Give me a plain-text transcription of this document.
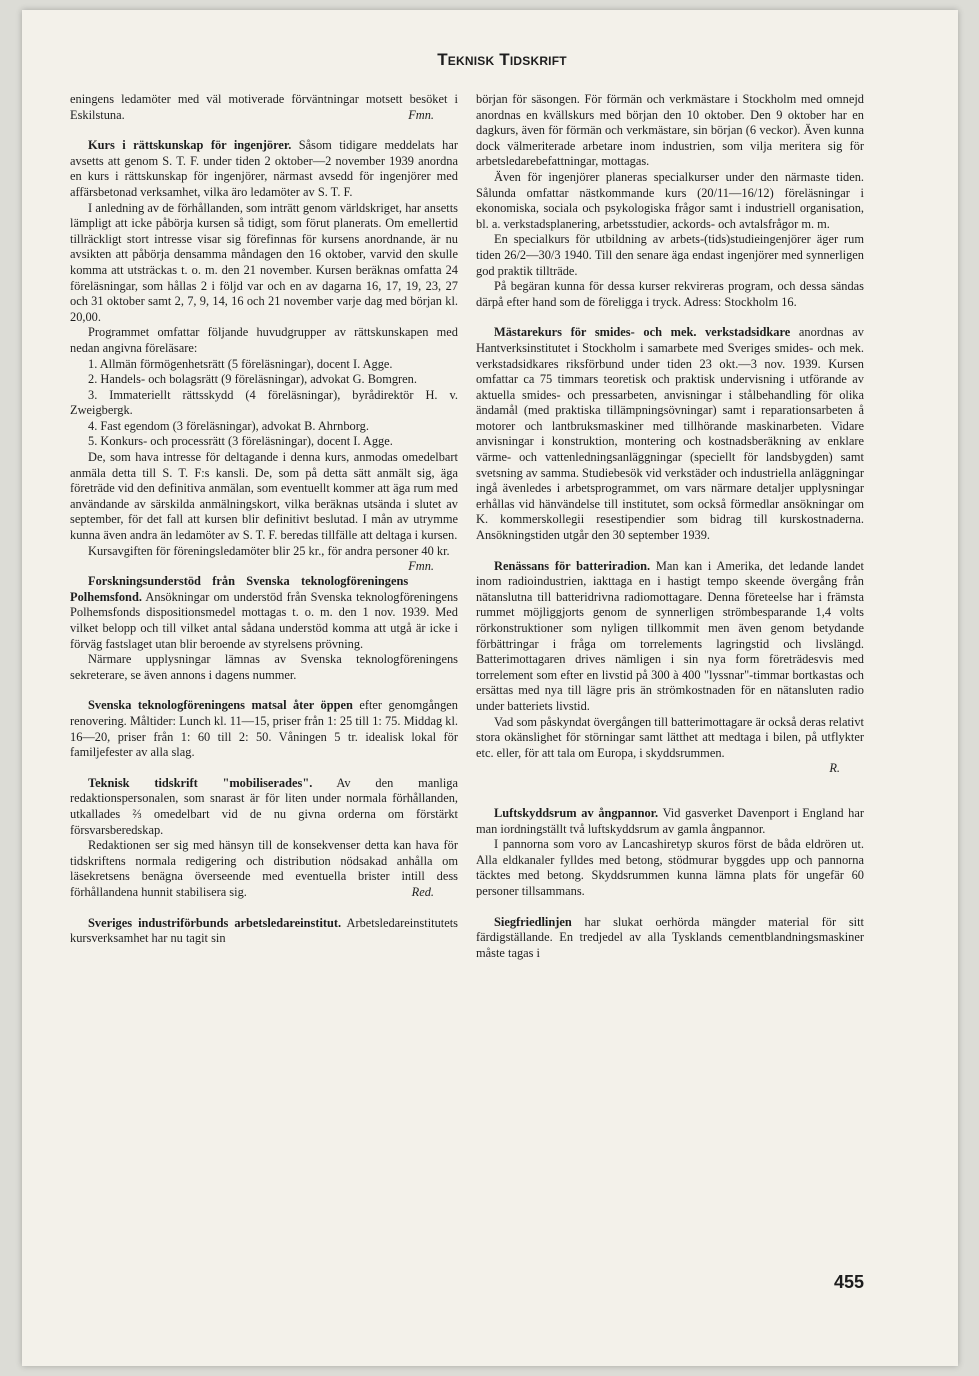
Teknisk Tidskrift

eningens ledamöter med väl motiverade förväntningar motsett besöket i Eskilstuna.	Fmn.

Kurs i rättskunskap för ingenjörer. Såsom tidigare meddelats har avsetts att genom S. T. F. under tiden 2 oktober—2 november 1939 anordna en kurs i rättskunskap för ingenjörer, närmast avsedd för ingenjörer med affärsbetonad verksamhet, vilka äro ledamöter av S. T. F.

I anledning av de förhållanden, som inträtt genom världskriget, har ansetts lämpligt att icke påbörja kursen så tidigt, som förut planerats. Om emellertid tillräckligt stort intresse visar sig förefinnas för kursens anordnande, är nu avsikten att påbörja densamma måndagen den 16 oktober, varvid den skulle komma att utsträckas t. o. m. den 21 november. Kursen beräknas omfatta 24 föreläsningar, som hållas 2 i följd var och en av dagarna 16, 17, 19, 23, 27 och 31 oktober samt 2, 7, 9, 14, 16 och 21 november varje dag med början kl. 20,00.

Programmet omfattar följande huvudgrupper av rättskunskapen med nedan angivna föreläsare:

1. Allmän förmögenhetsrätt (5 föreläsningar), docent I. Agge.

2. Handels- och bolagsrätt (9 föreläsningar), advokat G. Bomgren.

3. Immateriellt rättsskydd (4 föreläsningar), byrådirektör H. v. Zweigbergk.

4. Fast egendom (3 föreläsningar), advokat B. Ahrnborg.

5. Konkurs- och processrätt (3 föreläsningar), docent I. Agge.

De, som hava intresse för deltagande i denna kurs, anmodas omedelbart anmäla detta till S. T. F:s kansli. De, som på detta sätt anmält sig, äga företräde vid den definitiva anmälan, som eventuellt kommer att äga rum med användande av särskilda anmälningskort, vilka beräknas utsända i slutet av september, för det fall att kursen blir definitivt beslutad. I mån av utrymme kunna även andra än ledamöter av S. T. F. beredas tillfälle att deltaga i kursen.

Kursavgiften för föreningsledamöter blir 25 kr., för andra personer 40 kr.
Fmn.

Forskningsunderstöd från Svenska teknologföreningens Polhemsfond. Ansökningar om understöd från Svenska teknologföreningens Polhemsfonds dispositionsmedel mottagas t. o. m. den 1 nov. 1939. Med vilket belopp och till vilket antal sådana understöd komma att utgå är icke i förväg fastslaget utan blir beroende av styrelsens prövning.

Närmare upplysningar lämnas av Svenska teknologföreningens sekreterare, se även annons i dagens nummer.

Svenska teknologföreningens matsal åter öppen efter genomgången renovering. Måltider: Lunch kl. 11—15, priser från 1: 25 till 1: 75. Middag kl. 16—20, priser från 1: 60 till 2: 50. Våningen 5 tr. idealisk lokal för familjefester av alla slag.
Teknisk tidskrift "mobiliserades". Av den manliga redaktionspersonalen, som snarast är för liten under normala förhållanden, utkallades ⅔ omedelbart vid de nu givna orderna om förstärkt försvarsberedskap.

Redaktionen ser sig med hänsyn till de konsekvenser detta kan hava för tidskriftens normala redigering och distribution nödsakad anhålla om läsekretsens benägna överseende med eventuella brister intill dess förhållandena hunnit stabilisera sig.	Red.

Sveriges industriförbunds arbetsledareinstitut. Arbetsledareinstitutets kursverksamhet har nu tagit sin

början för säsongen. För förmän och verkmästare i Stockholm med omnejd anordnas en kvällskurs med början den 10 oktober. Den 9 oktober har en dagkurs, även för förmän och verkmästare, sin början (6 veckor). Även kunna dock välmeriterade arbetare inom industrien, som vilja meritera sig för arbetsledarebefattningar, mottagas.

Även för ingenjörer planeras specialkurser under den närmaste tiden. Sålunda omfattar nästkommande kurs (20/11—16/12) föreläsningar i ekonomiska, sociala och psykologiska frågor samt i industriell organisation, bl. a. verkstadsplanering, arbetsstudier, ackords- och avtalsfrågor m. m.

En specialkurs för utbildning av arbets-(tids)studieingenjörer äger rum tiden 26/2—30/3 1940. Till den senare äga endast ingenjörer med synnerligen god praktik tillträde.

På begäran kunna för dessa kurser rekvireras program, och dessa sändas därpå efter hand som de föreligga i tryck. Adress: Stockholm 16.

Mästarekurs för smides- och mek. verkstadsidkare anordnas av Hantverksinstitutet i Stockholm i samarbete med Sveriges smides- och mek. verkstadsidkares riksförbund under tiden 23 okt.—3 nov. 1939. Kursen omfattar ca 75 timmars teoretisk och praktisk undervisning i utförande av aktuella smides- och pressarbeten, anvisningar i stålbehandling för olika ändamål (med praktiska tillämpningsövningar) samt i reparationsarbeten å motorer och lantbruksmaskiner med tillhörande maskinarbeten. Vidare anvisningar i konstruktion, montering och kostnadsberäkning av enklare värme- och vattenledningsanläggningar (speciellt för landsbygden) samt svetsning av samma. Studiebesök vid verkstäder och industriella anläggningar ingå ävenledes i arbetsprogrammet, om vars närmare detaljer upplysningar erhållas vid hänvändelse till institutet, som också förmedlar ansökningar om K. kommerskollegii resestipendier som bidrag till kurskostnaderna. Ansökningstiden utgår den 30 september 1939.
Renässans för batteriradion. Man kan i Amerika, det ledande landet inom radioindustrien, iakttaga en i hastigt tempo skeende övergång från nätanslutna till batteridrivna radiomottagare. Denna företeelse har i främsta rummet möjliggjorts genom de synnerligen strömbesparande 1,4 volts rörkonstruktioner som nyligen tillkommit men även genom betydande förbättringar i fråga om torrelements lagringstid och livslängd. Batterimottagaren drives nämligen i sin nya form företrädesvis med torrelement som efter en livstid på 300 à 400 "lyssnar"-timmar bortkastas och ersättas med nya till lägre pris än strömkostnaden för en nätansluten radio under batteriets livstid.

Vad som påskyndat övergången till batterimottagare är också deras relativt stora okänslighet för störningar samt lätthet att medtaga i bilen, på utflykter etc. eller, för att tala om Europa, i skyddsrummen.

R.

Luftskyddsrum av ångpannor. Vid gasverket Davenport i England har man iordningställt två luftskyddsrum av gamla ångpannor.

I pannorna som voro av Lancashiretyp skuros först de båda eldrören ut. Alla eldkanaler fylldes med betong, stödmurar byggdes upp och pannorna täcktes med betong. Skyddsrummen kunna lämna plats för ungefär 60 personer tillsammans.

Siegfriedlinjen har slukat oerhörda mängder material för sitt färdigställande. En tredjedel av alla Tysklands cementblandningsmaskiner måste tagas i
455
